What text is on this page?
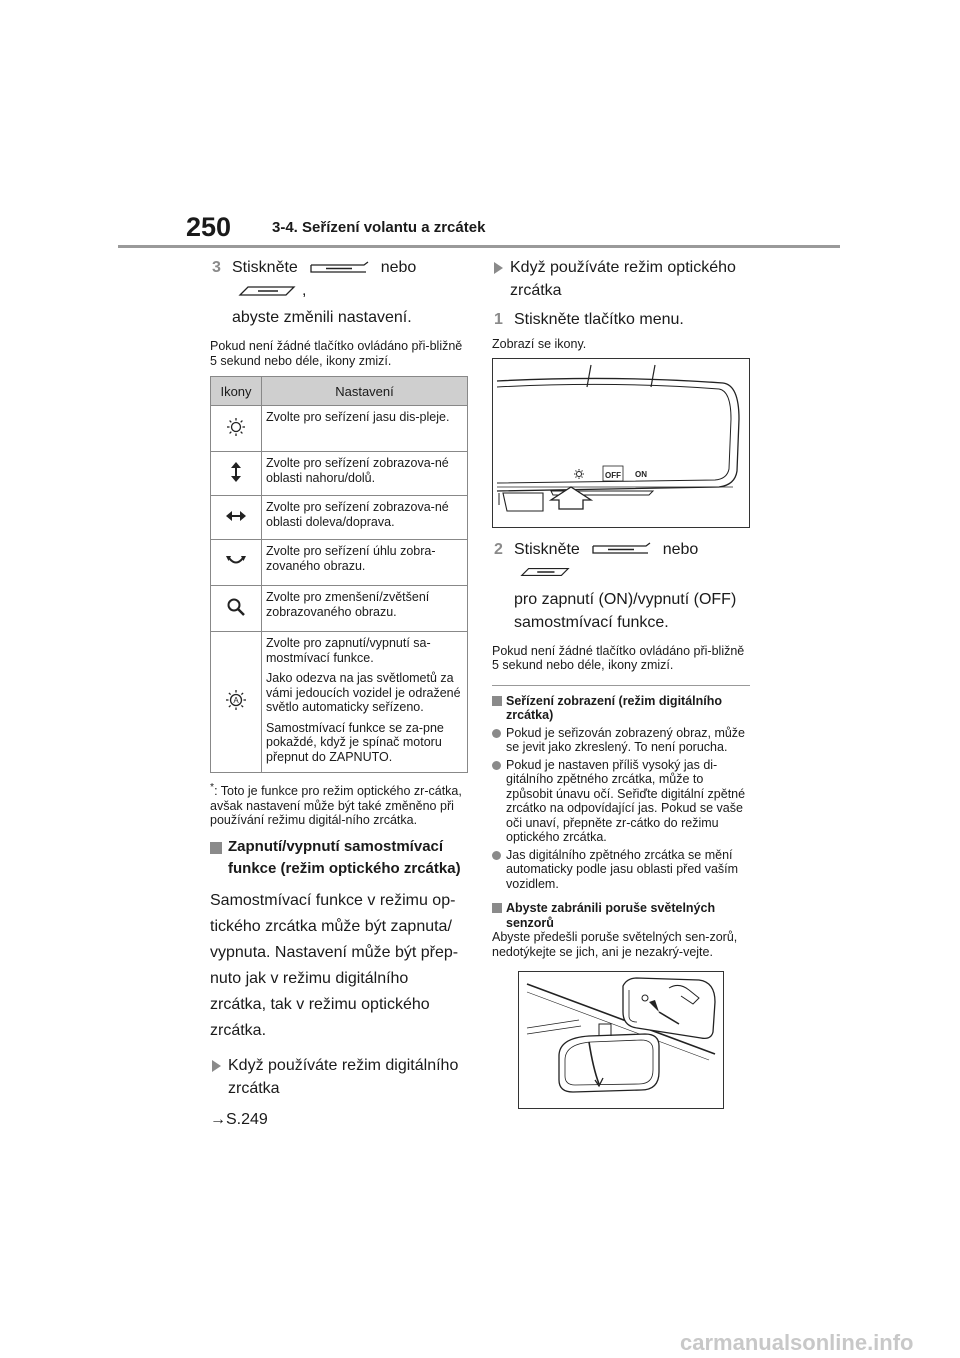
250	3-4. Seřízení volantu a zrcátek
3 Stiskněte	nebo ,
abyste změnili nastavení.
Pokud není žádné tlačítko ovládáno při-bližně 5 sekund nebo déle, ikony zmizí.
Ikony	Nastavení
	Zvolte pro seřízení jasu dis-pleje.
	Zvolte pro seřízení zobrazova-né oblasti nahoru/dolů.
	Zvolte pro seřízení zobrazova-né oblasti doleva/doprava.
	Zvolte pro seřízení úhlu zobra-zovaného obrazu.
	Zvolte pro zmenšení/zvětšení zobrazovaného obrazu.

A	Zvolte pro zapnutí/vypnutí sa-mostmívací funkce.
Jako odezva na jas světlometů za vámi jedoucích vozidel je odražené světlo automaticky seřízeno.
Samostmívací funkce se za-pne pokaždé, když je spínač motoru přepnut do ZAPNUTO.
*: Toto je funkce pro režim optického zr-cátka, avšak nastavení může být také změněno při používání režimu digitál-ního zrcátka.
Zapnutí/vypnutí samostmívací funkce (režim optického zrcátka)
Samostmívací funkce v režimu op-tického zrcátka může být zapnuta/ vypnuta. Nastavení může být přep-nuto jak v režimu digitálního zrcátka, tak v režimu optického zrcátka.
Když používáte režim digitálního zrcátka
→S.249
Když používáte režim optického zrcátka
1 Stiskněte tlačítko menu.
Zobrazí se ikony.
OFF ON
2 Stiskněte	nebo
pro zapnutí (ON)/vypnutí (OFF) samostmívací funkce.
Pokud není žádné tlačítko ovládáno při-bližně 5 sekund nebo déle, ikony zmizí.
Seřízení zobrazení (režim digitálního zrcátka)
Pokud je seřizován zobrazený obraz, může se jevit jako zkreslený. To není porucha.
Pokud je nastaven příliš vysoký jas di-gitálního zpětného zrcátka, může to způsobit únavu očí. Seřiďte digitální zpětné zrcátko na odpovídající jas. Pokud se vaše oči unaví, přepněte zr-cátko do režimu optického zrcátka.
Jas digitálního zpětného zrcátka se mění automaticky podle jasu oblasti před vaším vozidlem.
Abyste zabránili poruše světelných senzorů
Abyste předešli poruše světelných sen-zorů, nedotýkejte se jich, ani je nezakrý-vejte.
carmanualsonline.info
